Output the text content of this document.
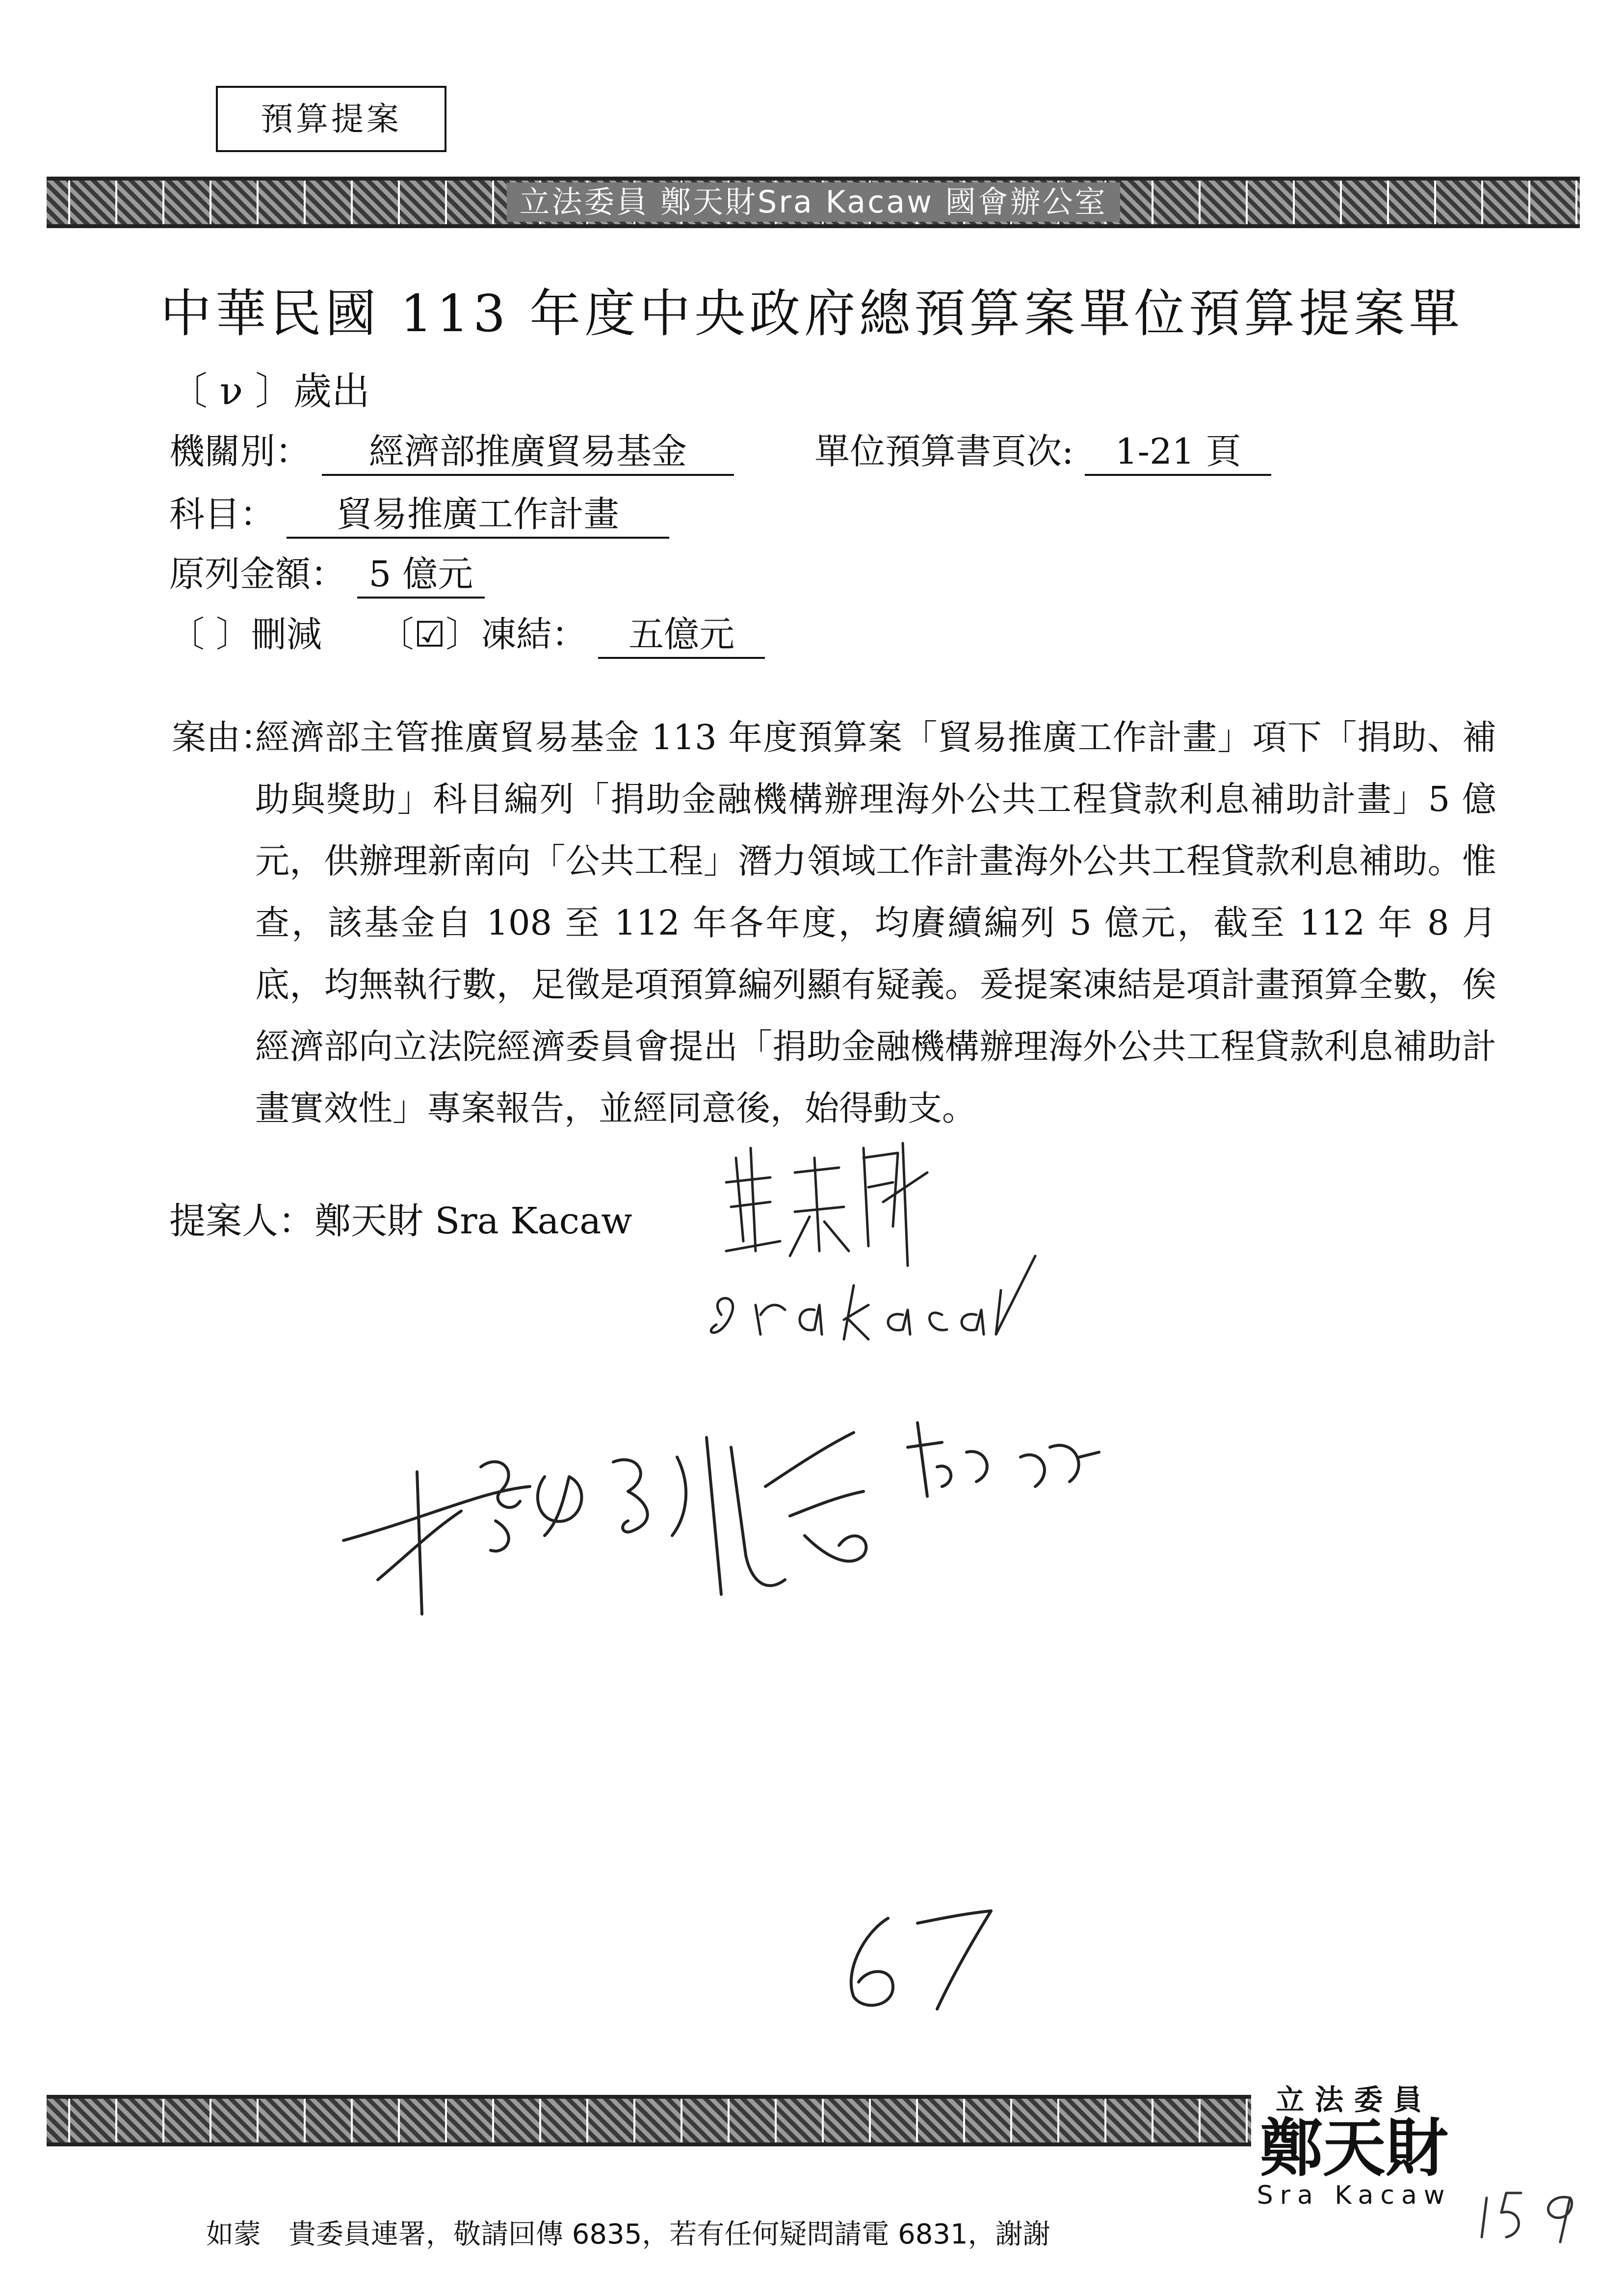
預算提案
立法委員 鄭天財Sra Kacaw 國會辦公室
中華民國 113 年度中央政府總預算案單位預算提案單
〔 ν 〕歲出
機關別： 經濟部推廣貿易基金	單位預算書頁次: 1-21 頁
科目： 貿易推廣工作計畫
原列金額： 5 億元
〔 〕刪減 〔☑〕凍結： 五億元
案由：
經濟部主管推廣貿易基金 113 年度預算案「貿易推廣工作計畫」項下「捐助、補助與獎助」科目編列「捐助金融機構辦理海外公共工程貸款利息補助計畫」5 億元，供辦理新南向「公共工程」潛力領域工作計畫海外公共工程貸款利息補助。惟查，該基金自 108 至 112 年各年度，均賡續編列 5 億元，截至 112 年 8 月底，均無執行數，足徵是項預算編列顯有疑義。爰提案凍結是項計畫預算全數，俟經濟部向立法院經濟委員會提出「捐助金融機構辦理海外公共工程貸款利息補助計畫實效性」專案報告，並經同意後，始得動支。
提案人：鄭天財 Sra Kacaw
立法委員
鄭天財
Sra Kacaw
如蒙　貴委員連署，敬請回傳 6835，若有任何疑問請電 6831，謝謝
